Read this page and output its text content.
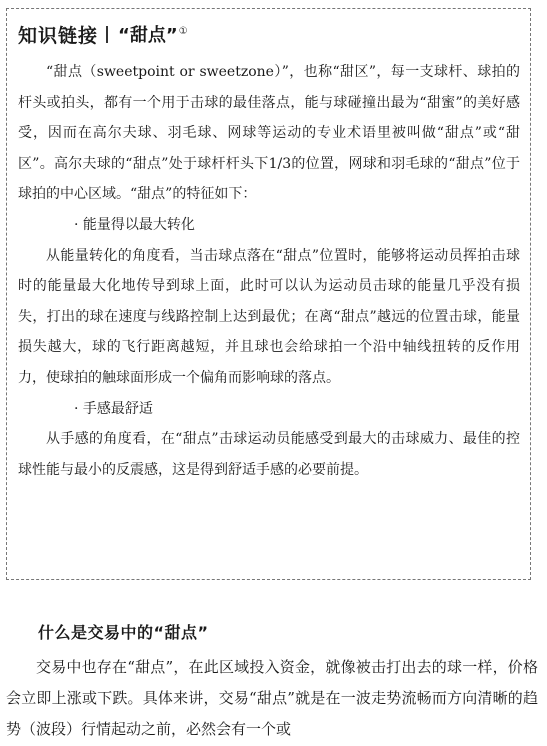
知识链接 “甜点”①

“甜点（sweetpoint or sweetzone）”，也称“甜区”，每一支球杆、球拍的杆头或拍头，都有一个用于击球的最佳落点，能与球碰撞出最为“甜蜜”的美好感受，因而在高尔夫球、羽毛球、网球等运动的专业术语里被叫做“甜点”或“甜区”。高尔夫球的“甜点”处于球杆杆头下1/3的位置，网球和羽毛球的“甜点”位于球拍的中心区域。“甜点”的特征如下：

· 能量得以最大转化

从能量转化的角度看，当击球点落在“甜点”位置时，能够将运动员挥拍击球时的能量最大化地传导到球上面，此时可以认为运动员击球的能量几乎没有损失，打出的球在速度与线路控制上达到最优；在离“甜点”越远的位置击球，能量损失越大，球的飞行距离越短，并且球也会给球拍一个沿中轴线扭转的反作用力，使球拍的触球面形成一个偏角而影响球的落点。

· 手感最舒适

从手感的角度看，在“甜点”击球运动员能感受到最大的击球威力、最佳的控球性能与最小的反震感，这是得到舒适手感的必要前提。

什么是交易中的“甜点”

交易中也存在“甜点”，在此区域投入资金，就像被击打出去的球一样，价格会立即上涨或下跌。具体来讲，交易“甜点”就是在一波走势流畅而方向清晰的趋势（波段）行情起动之前，必然会有一个或
